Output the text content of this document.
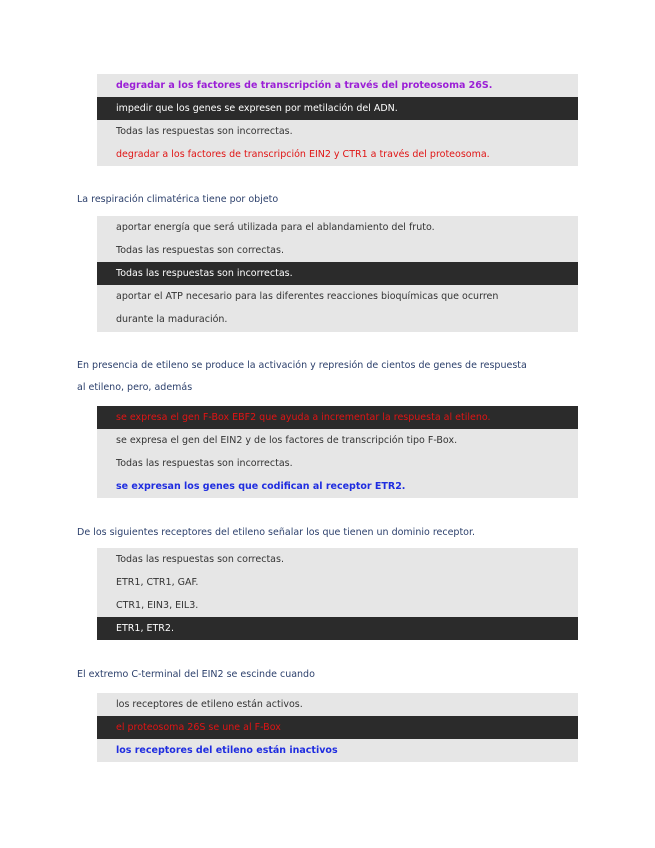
degradar a los factores de transcripción a través del proteosoma 26S.
impedir que los genes se expresen por metilación del ADN.
Todas las respuestas son incorrectas.
degradar a los factores de transcripción EIN2 y CTR1 a través del proteosoma.

La respiración climatérica tiene por objeto

aportar energía que será utilizada para el ablandamiento del fruto.
Todas las respuestas son correctas.
Todas las respuestas son incorrectas.
aportar el ATP necesario para las diferentes reacciones bioquímicas que ocurren
durante la maduración.

En presencia de etileno se produce la activación y represión de cientos de genes de respuesta

al etileno, pero, además

se expresa el gen F-Box EBF2 que ayuda a incrementar la respuesta al etileno.
se expresa el gen del EIN2 y de los factores de transcripción tipo F-Box.
Todas las respuestas son incorrectas.
se expresan los genes que codifican al receptor ETR2.

De los siguientes receptores del etileno señalar los que tienen un dominio receptor.

Todas las respuestas son correctas.
ETR1, CTR1, GAF.
CTR1, EIN3, EIL3.
ETR1, ETR2.

El extremo C-terminal del EIN2 se escinde cuando

los receptores de etileno están activos.
el proteosoma 26S se une al F-Box
los receptores del etileno están inactivos
